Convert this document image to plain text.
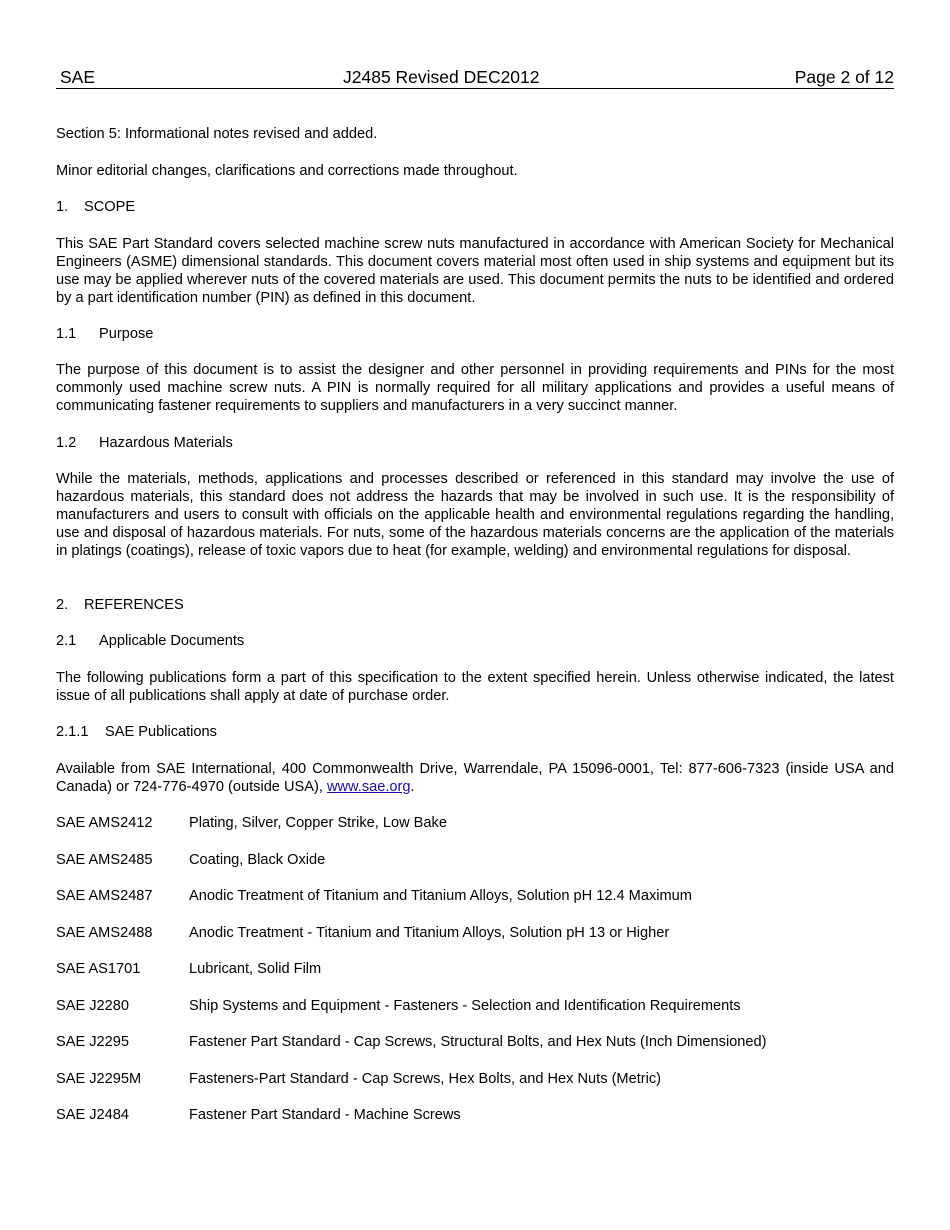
SAE	J2485 Revised DEC2012	Page 2 of 12

Section 5: Informational notes revised and added.

Minor editorial changes, clarifications and corrections made throughout.

1. SCOPE

This SAE Part Standard covers selected machine screw nuts manufactured in accordance with American Society for Mechanical Engineers (ASME) dimensional standards. This document covers material most often used in ship systems and equipment but its use may be applied wherever nuts of the covered materials are used. This document permits the nuts to be identified and ordered by a part identification number (PIN) as defined in this document.

1.1 Purpose

The purpose of this document is to assist the designer and other personnel in providing requirements and PINs for the most commonly used machine screw nuts. A PIN is normally required for all military applications and provides a useful means of communicating fastener requirements to suppliers and manufacturers in a very succinct manner.

1.2 Hazardous Materials

While the materials, methods, applications and processes described or referenced in this standard may involve the use of hazardous materials, this standard does not address the hazards that may be involved in such use. It is the responsibility of manufacturers and users to consult with officials on the applicable health and environmental regulations regarding the handling, use and disposal of hazardous materials. For nuts, some of the hazardous materials concerns are the application of the materials in platings (coatings), release of toxic vapors due to heat (for example, welding) and environmental regulations for disposal.

2. REFERENCES
2.1 Applicable Documents

The following publications form a part of this specification to the extent specified herein. Unless otherwise indicated, the latest issue of all publications shall apply at date of purchase order.

2.1.1 SAE Publications

Available from SAE International, 400 Commonwealth Drive, Warrendale, PA 15096-0001, Tel: 877-606-7323 (inside USA and Canada) or 724-776-4970 (outside USA), www.sae.org.

SAE AMS2412 Plating, Silver, Copper Strike, Low Bake
SAE AMS2485 Coating, Black Oxide
SAE AMS2487 Anodic Treatment of Titanium and Titanium Alloys, Solution pH 12.4 Maximum
SAE AMS2488 Anodic Treatment - Titanium and Titanium Alloys, Solution pH 13 or Higher
SAE AS1701	Lubricant, Solid Film
SAE J2280	Ship Systems and Equipment - Fasteners - Selection and Identification Requirements
SAE J2295	Fastener Part Standard - Cap Screws, Structural Bolts, and Hex Nuts (Inch Dimensioned)
SAE J2295M	Fasteners-Part Standard - Cap Screws, Hex Bolts, and Hex Nuts (Metric)
SAE J2484	Fastener Part Standard - Machine Screws
